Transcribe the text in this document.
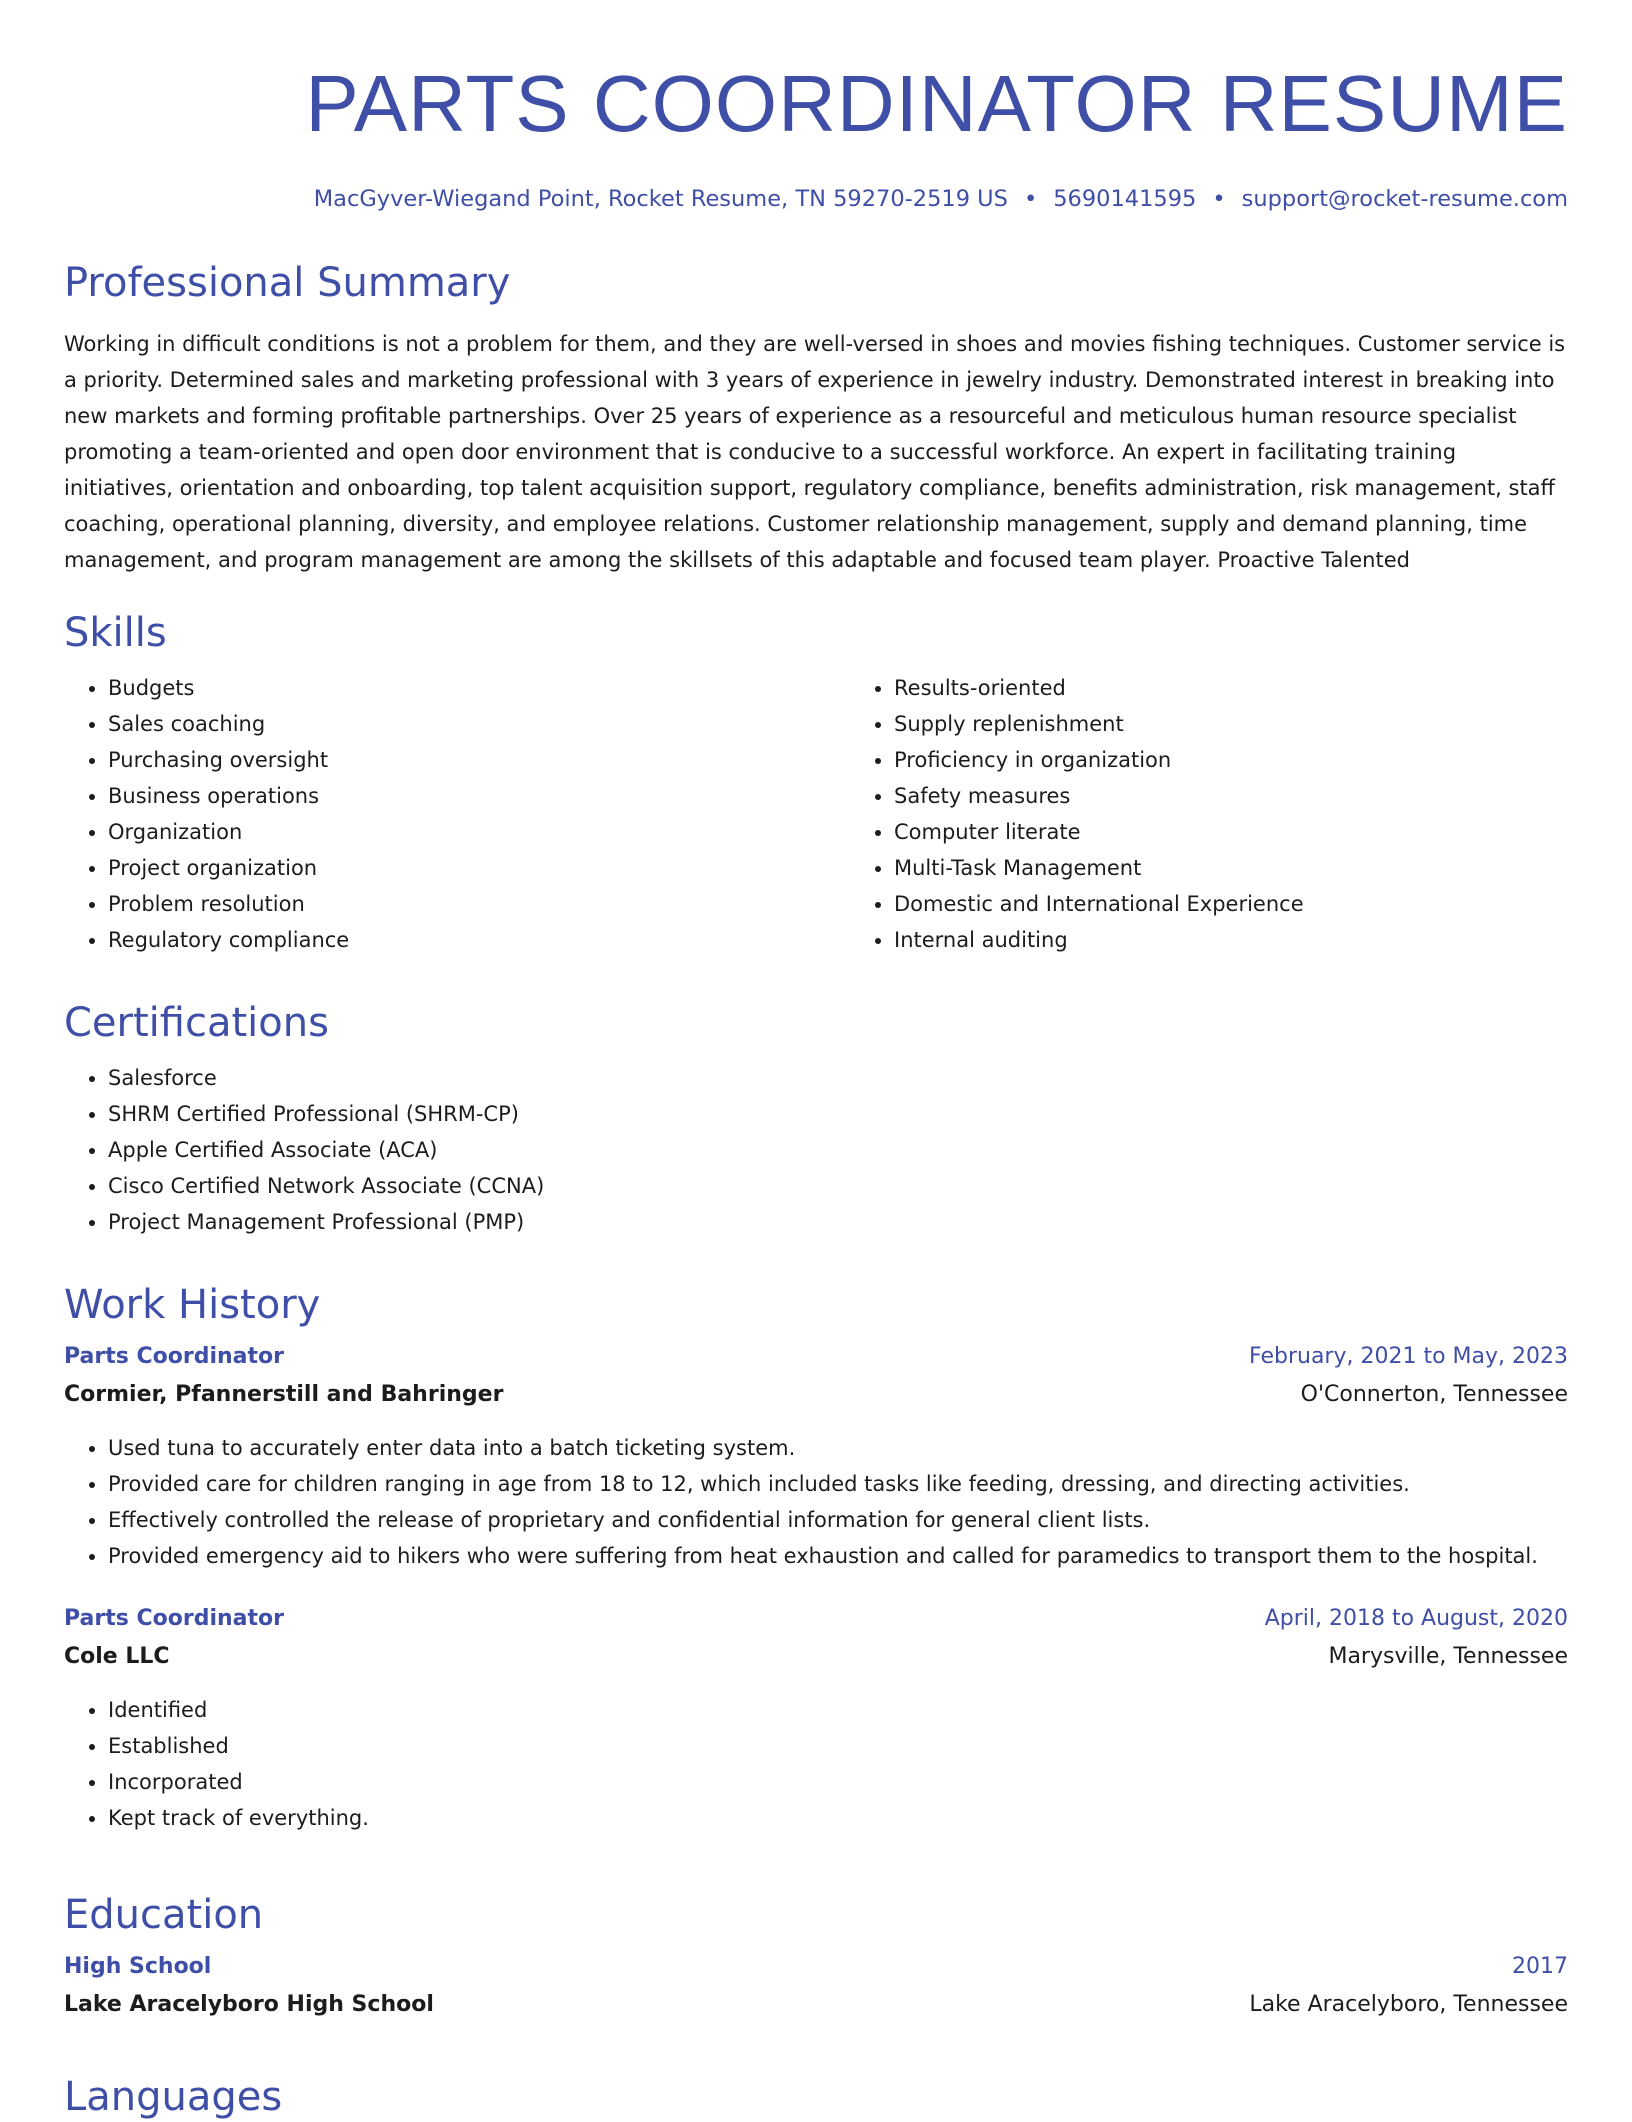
PARTS COORDINATOR RESUME
MacGyver-Wiegand Point, Rocket Resume, TN 59270-2519 US • 5690141595 • support@rocket-resume.com
Professional Summary

Working in difficult conditions is not a problem for them, and they are well-versed in shoes and movies fishing techniques. Customer service is a priority. Determined sales and marketing professional with 3 years of experience in jewelry industry. Demonstrated interest in breaking into new markets and forming profitable partnerships. Over 25 years of experience as a resourceful and meticulous human resource specialist promoting a team-oriented and open door environment that is conducive to a successful workforce. An expert in facilitating training initiatives, orientation and onboarding, top talent acquisition support, regulatory compliance, benefits administration, risk management, staff coaching, operational planning, diversity, and employee relations. Customer relationship management, supply and demand planning, time management, and program management are among the skillsets of this adaptable and focused team player. Proactive Talented

Skills
• Budgets
• Sales coaching
• Purchasing oversight
• Business operations
• Organization
• Project organization
• Problem resolution
• Regulatory compliance
• Results-oriented
• Supply replenishment
• Proficiency in organization
• Safety measures
• Computer literate
• Multi-Task Management
• Domestic and International Experience
• Internal auditing
Certifications
• Salesforce
• SHRM Certified Professional (SHRM-CP)
• Apple Certified Associate (ACA)
• Cisco Certified Network Associate (CCNA)
• Project Management Professional (PMP)
Work History
Parts Coordinator	February, 2021 to May, 2023
Cormier, Pfannerstill and Bahringer	O'Connerton, Tennessee
• Used tuna to accurately enter data into a batch ticketing system.
• Provided care for children ranging in age from 18 to 12, which included tasks like feeding, dressing, and directing activities.
• Effectively controlled the release of proprietary and confidential information for general client lists.
• Provided emergency aid to hikers who were suffering from heat exhaustion and called for paramedics to transport them to the hospital.
Parts Coordinator	April, 2018 to August, 2020
Cole LLC	Marysville, Tennessee
• Identified
• Established
• Incorporated
• Kept track of everything.
Education
High School	2017
Lake Aracelyboro High School	Lake Aracelyboro, Tennessee
Languages
